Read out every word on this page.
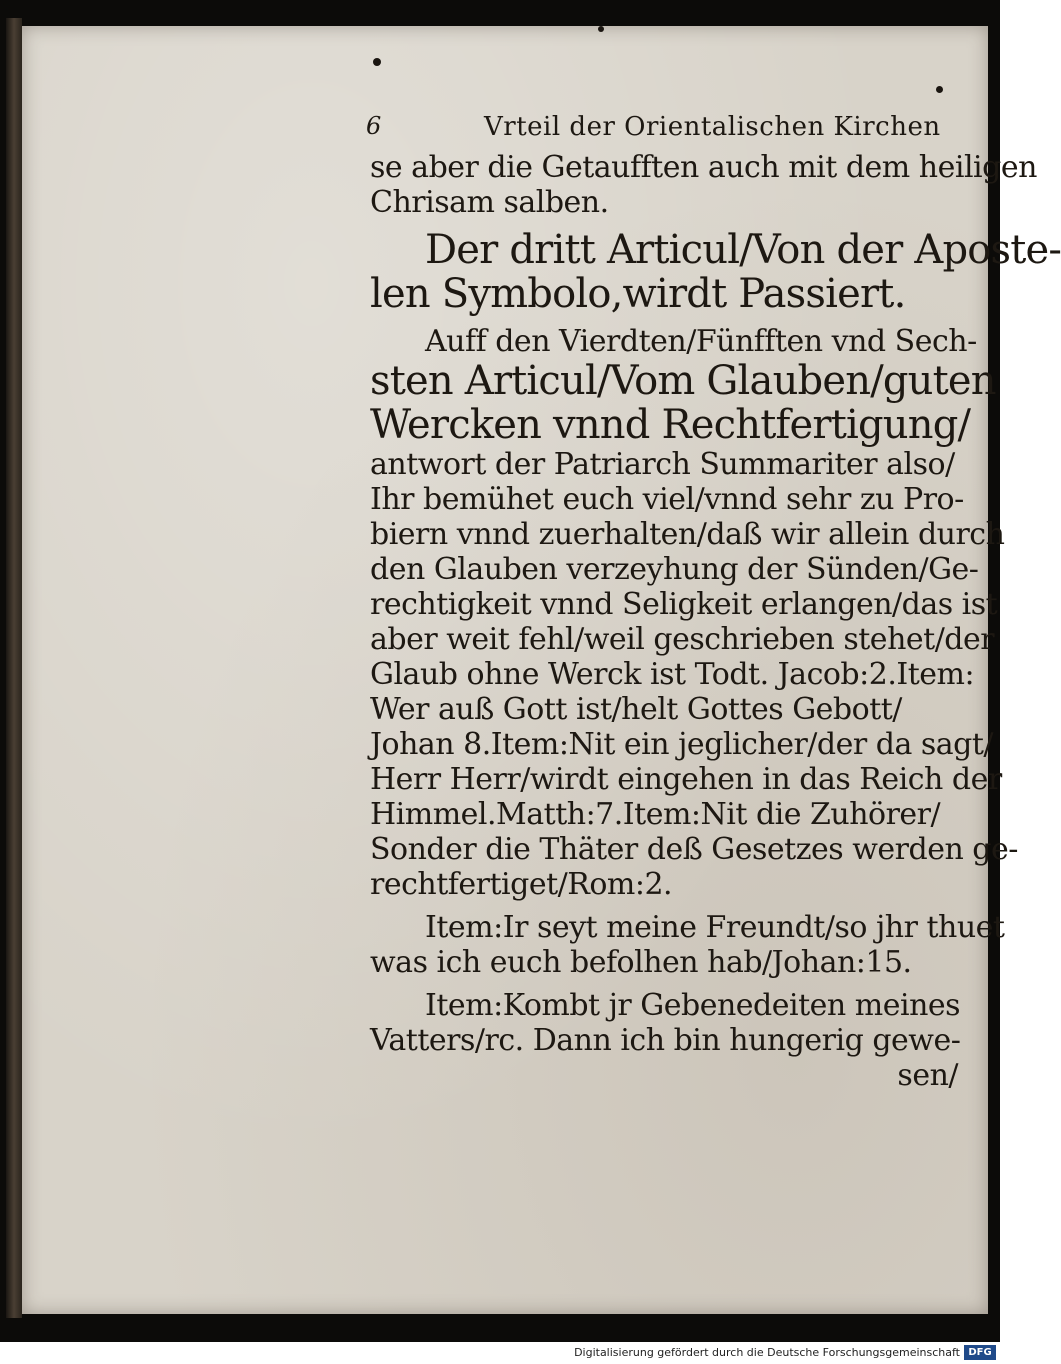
6	Vrteil der Orientalischen Kirchen
se aber die Getaufften auch mit dem heiligen
Chrisam salben.
Der dritt Articul/Von der Aposte-
len Symbolo,wirdt Passiert.
Auff den Vierdten/Fünfften vnd Sech-
sten Articul/Vom Glauben/guten
Wercken vnnd Rechtfertigung/
antwort der Patriarch Summariter also/
Ihr bemühet euch viel/vnnd sehr zu Pro-
biern vnnd zuerhalten/daß wir allein durch
den Glauben verzeyhung der Sünden/Ge-
rechtigkeit vnnd Seligkeit erlangen/das ist
aber weit fehl/weil geschrieben stehet/der
Glaub ohne Werck ist Todt. Jacob:2.Item:
Wer auß Gott ist/helt Gottes Gebott/
Johan 8.Item:Nit ein jeglicher/der da sagt/
Herr Herr/wirdt eingehen in das Reich der
Himmel.Matth:7.Item:Nit die Zuhörer/
Sonder die Thäter deß Gesetzes werden ge-
rechtfertiget/Rom:2.
Item:Ir seyt meine Freundt/so jhr thuet
was ich euch befolhen hab/Johan:15.
Item:Kombt jr Gebenedeiten meines
Vatters/rc. Dann ich bin hungerig gewe-
sen/
Digitalisierung gefördert durch die Deutsche Forschungsgemeinschaft DFG
